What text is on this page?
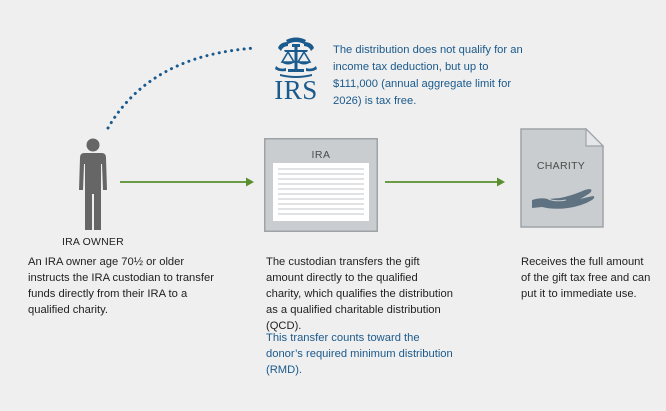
IRS
The distribution does not qualify for an income tax deduction, but up to $111,000 (annual aggregate limit for 2026) is tax free.
IRA OWNER
IRA
CHARITY
An IRA owner age 70½ or older instructs the IRA custodian to transfer funds directly from their IRA to a qualified charity.
The custodian transfers the gift amount directly to the qualified charity, which qualifies the distribution as a qualified charitable distribution (QCD).
This transfer counts toward the donor’s required minimum distribution (RMD).
Receives the full amount of the gift tax free and can put it to immediate use.
